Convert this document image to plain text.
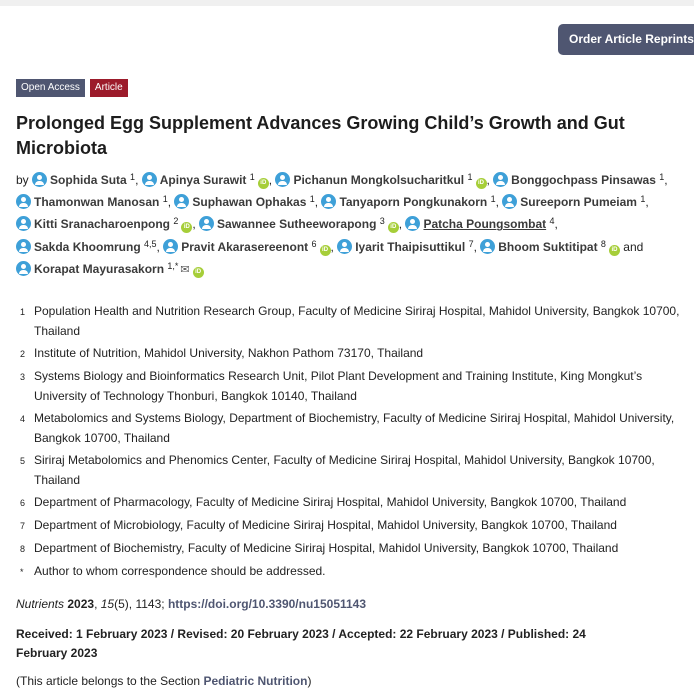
Order Article Reprints
Open Access	Article
Prolonged Egg Supplement Advances Growing Child’s Growth and Gut Microbiota
by Sophida Suta $^1$, Apinya Surawit $^1$iD , Pichanun Mongkolsucharitkul $^1$iD , Bonggochpass Pinsawas $^1$, Thamonwan Manosan $^1$, Suphawan Ophakas $^1$, Tanyaporn Pongkunakorn $^1$, Sureeporn Pumeiam $^1$, Kitti Sranacharoenpong $^2$iD , Sawannee Sutheeworapong $^3$iD , Patcha Poungsombat $^4$, Sakda Khoomrung $^{4,5}$, Pravit Akarasereenont $^6$iD , Iyarit Thaipisuttikul $^7$, Bhoom Suktitipat $^8$iD and Korapat Mayurasakorn $^{1,*}$ ✉ iD
1 Population Health and Nutrition Research Group, Faculty of Medicine Siriraj Hospital, Mahidol University, Bangkok 10700, Thailand
2 Institute of Nutrition, Mahidol University, Nakhon Pathom 73170, Thailand
3 Systems Biology and Bioinformatics Research Unit, Pilot Plant Development and Training Institute, King Mongkut’s University of Technology Thonburi, Bangkok 10140, Thailand
4 Metabolomics and Systems Biology, Department of Biochemistry, Faculty of Medicine Siriraj Hospital, Mahidol University, Bangkok 10700, Thailand
5 Siriraj Metabolomics and Phenomics Center, Faculty of Medicine Siriraj Hospital, Mahidol University, Bangkok 10700, Thailand
6 Department of Pharmacology, Faculty of Medicine Siriraj Hospital, Mahidol University, Bangkok 10700, Thailand
7 Department of Microbiology, Faculty of Medicine Siriraj Hospital, Mahidol University, Bangkok 10700, Thailand
8 Department of Biochemistry, Faculty of Medicine Siriraj Hospital, Mahidol University, Bangkok 10700, Thailand
* Author to whom correspondence should be addressed.
Nutrients 2023, 15(5), 1143; https://doi.org/10.3390/nu15051143
Received: 1 February 2023 / Revised: 20 February 2023 / Accepted: 22 February 2023 / Published: 24 February 2023
(This article belongs to the Section Pediatric Nutrition)
